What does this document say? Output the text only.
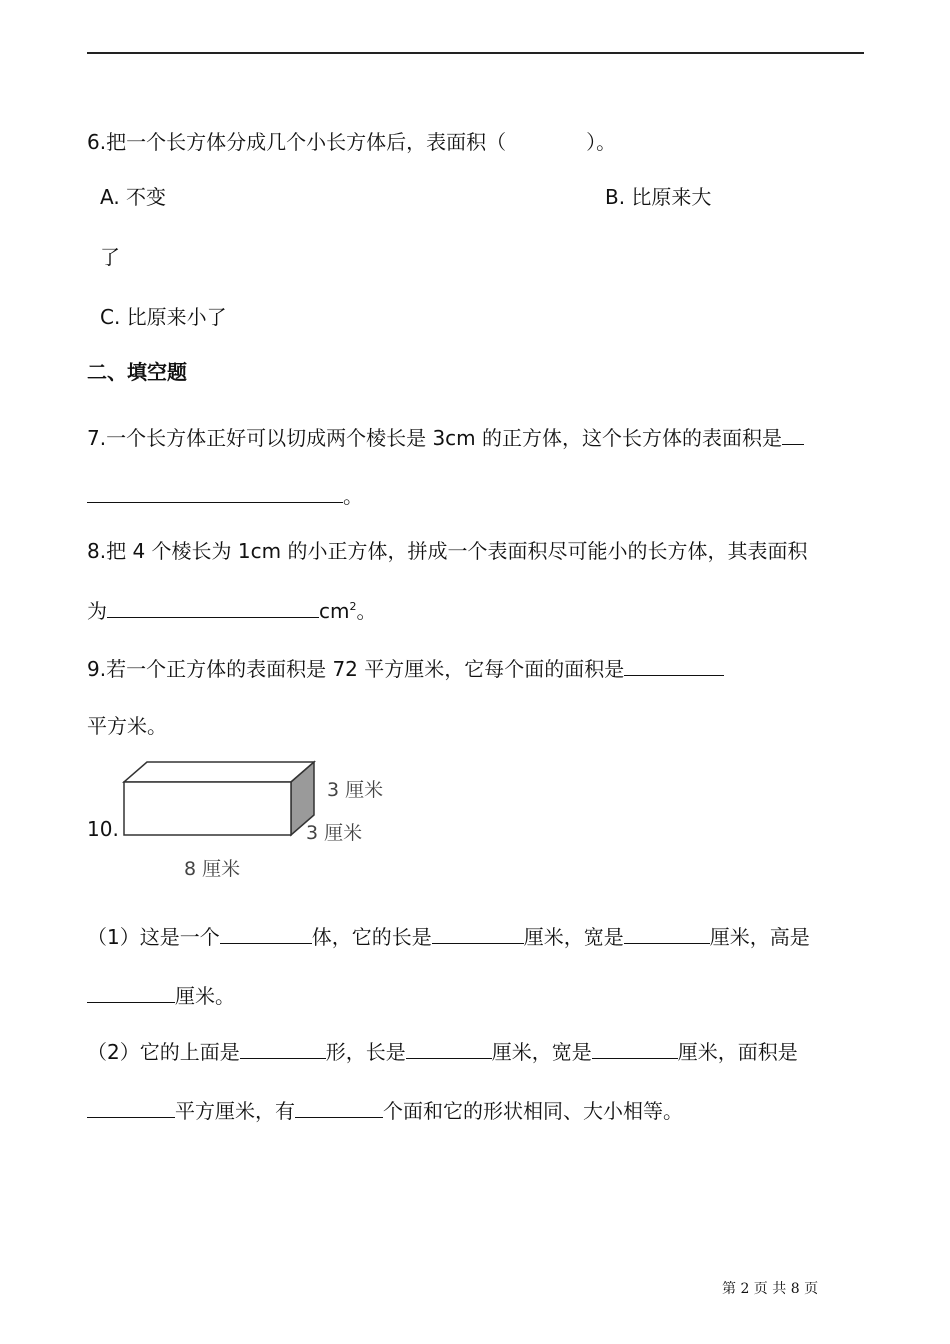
6.把一个长方体分成几个小长方体后，表面积（　　　　）。
A. 不变	B. 比原来大
了
C. 比原来小了
二、填空题
7.一个长方体正好可以切成两个棱长是 3cm 的正方体，这个长方体的表面积是
。
8.把 4 个棱长为 1cm 的小正方体，拼成一个表面积尽可能小的长方体，其表面积
为	$cm^2$。
9.若一个正方体的表面积是 72 平方厘米，它每个面的面积是
平方米。
10.
3 厘米
3 厘米
8 厘米
（1）这是一个	体，它的长是	厘米，宽是	厘米，高是
厘米。
（2）它的上面是	形，长是	厘米，宽是	厘米，面积是
平方厘米，有	个面和它的形状相同、大小相等。
第 2 页 共 8 页
